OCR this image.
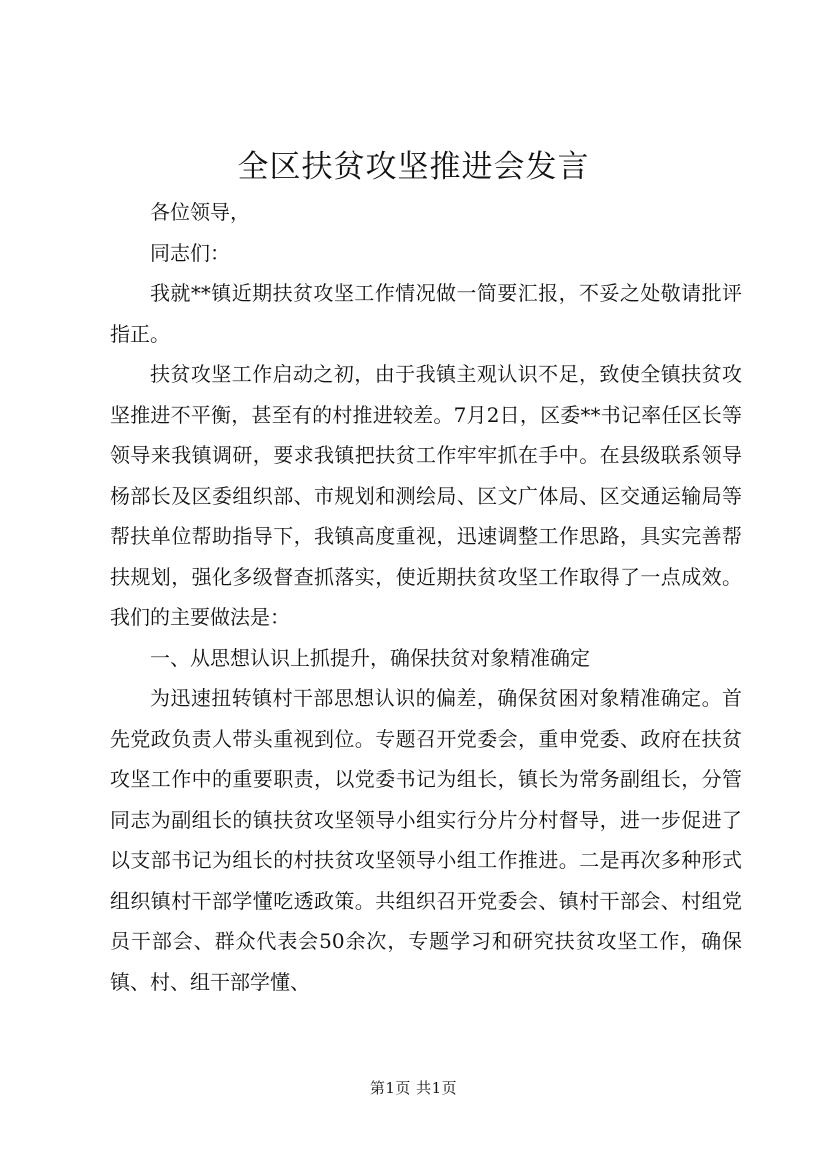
全区扶贫攻坚推进会发言

各位领导，

同志们：

我就**镇近期扶贫攻坚工作情况做一简要汇报，不妥之处敬请批评指正。

扶贫攻坚工作启动之初，由于我镇主观认识不足，致使全镇扶贫攻坚推进不平衡，甚至有的村推进较差。7月2日，区委**书记率任区长等领导来我镇调研，要求我镇把扶贫工作牢牢抓在手中。在县级联系领导杨部长及区委组织部、市规划和测绘局、区文广体局、区交通运输局等帮扶单位帮助指导下，我镇高度重视，迅速调整工作思路，具实完善帮扶规划，强化多级督查抓落实，使近期扶贫攻坚工作取得了一点成效。我们的主要做法是：

一、从思想认识上抓提升，确保扶贫对象精准确定

为迅速扭转镇村干部思想认识的偏差，确保贫困对象精准确定。首先党政负责人带头重视到位。专题召开党委会，重申党委、政府在扶贫攻坚工作中的重要职责，以党委书记为组长，镇长为常务副组长，分管同志为副组长的镇扶贫攻坚领导小组实行分片分村督导，进一步促进了以支部书记为组长的村扶贫攻坚领导小组工作推进。二是再次多种形式组织镇村干部学懂吃透政策。共组织召开党委会、镇村干部会、村组党员干部会、群众代表会50余次，专题学习和研究扶贫攻坚工作，确保镇、村、组干部学懂、

第1页 共1页
